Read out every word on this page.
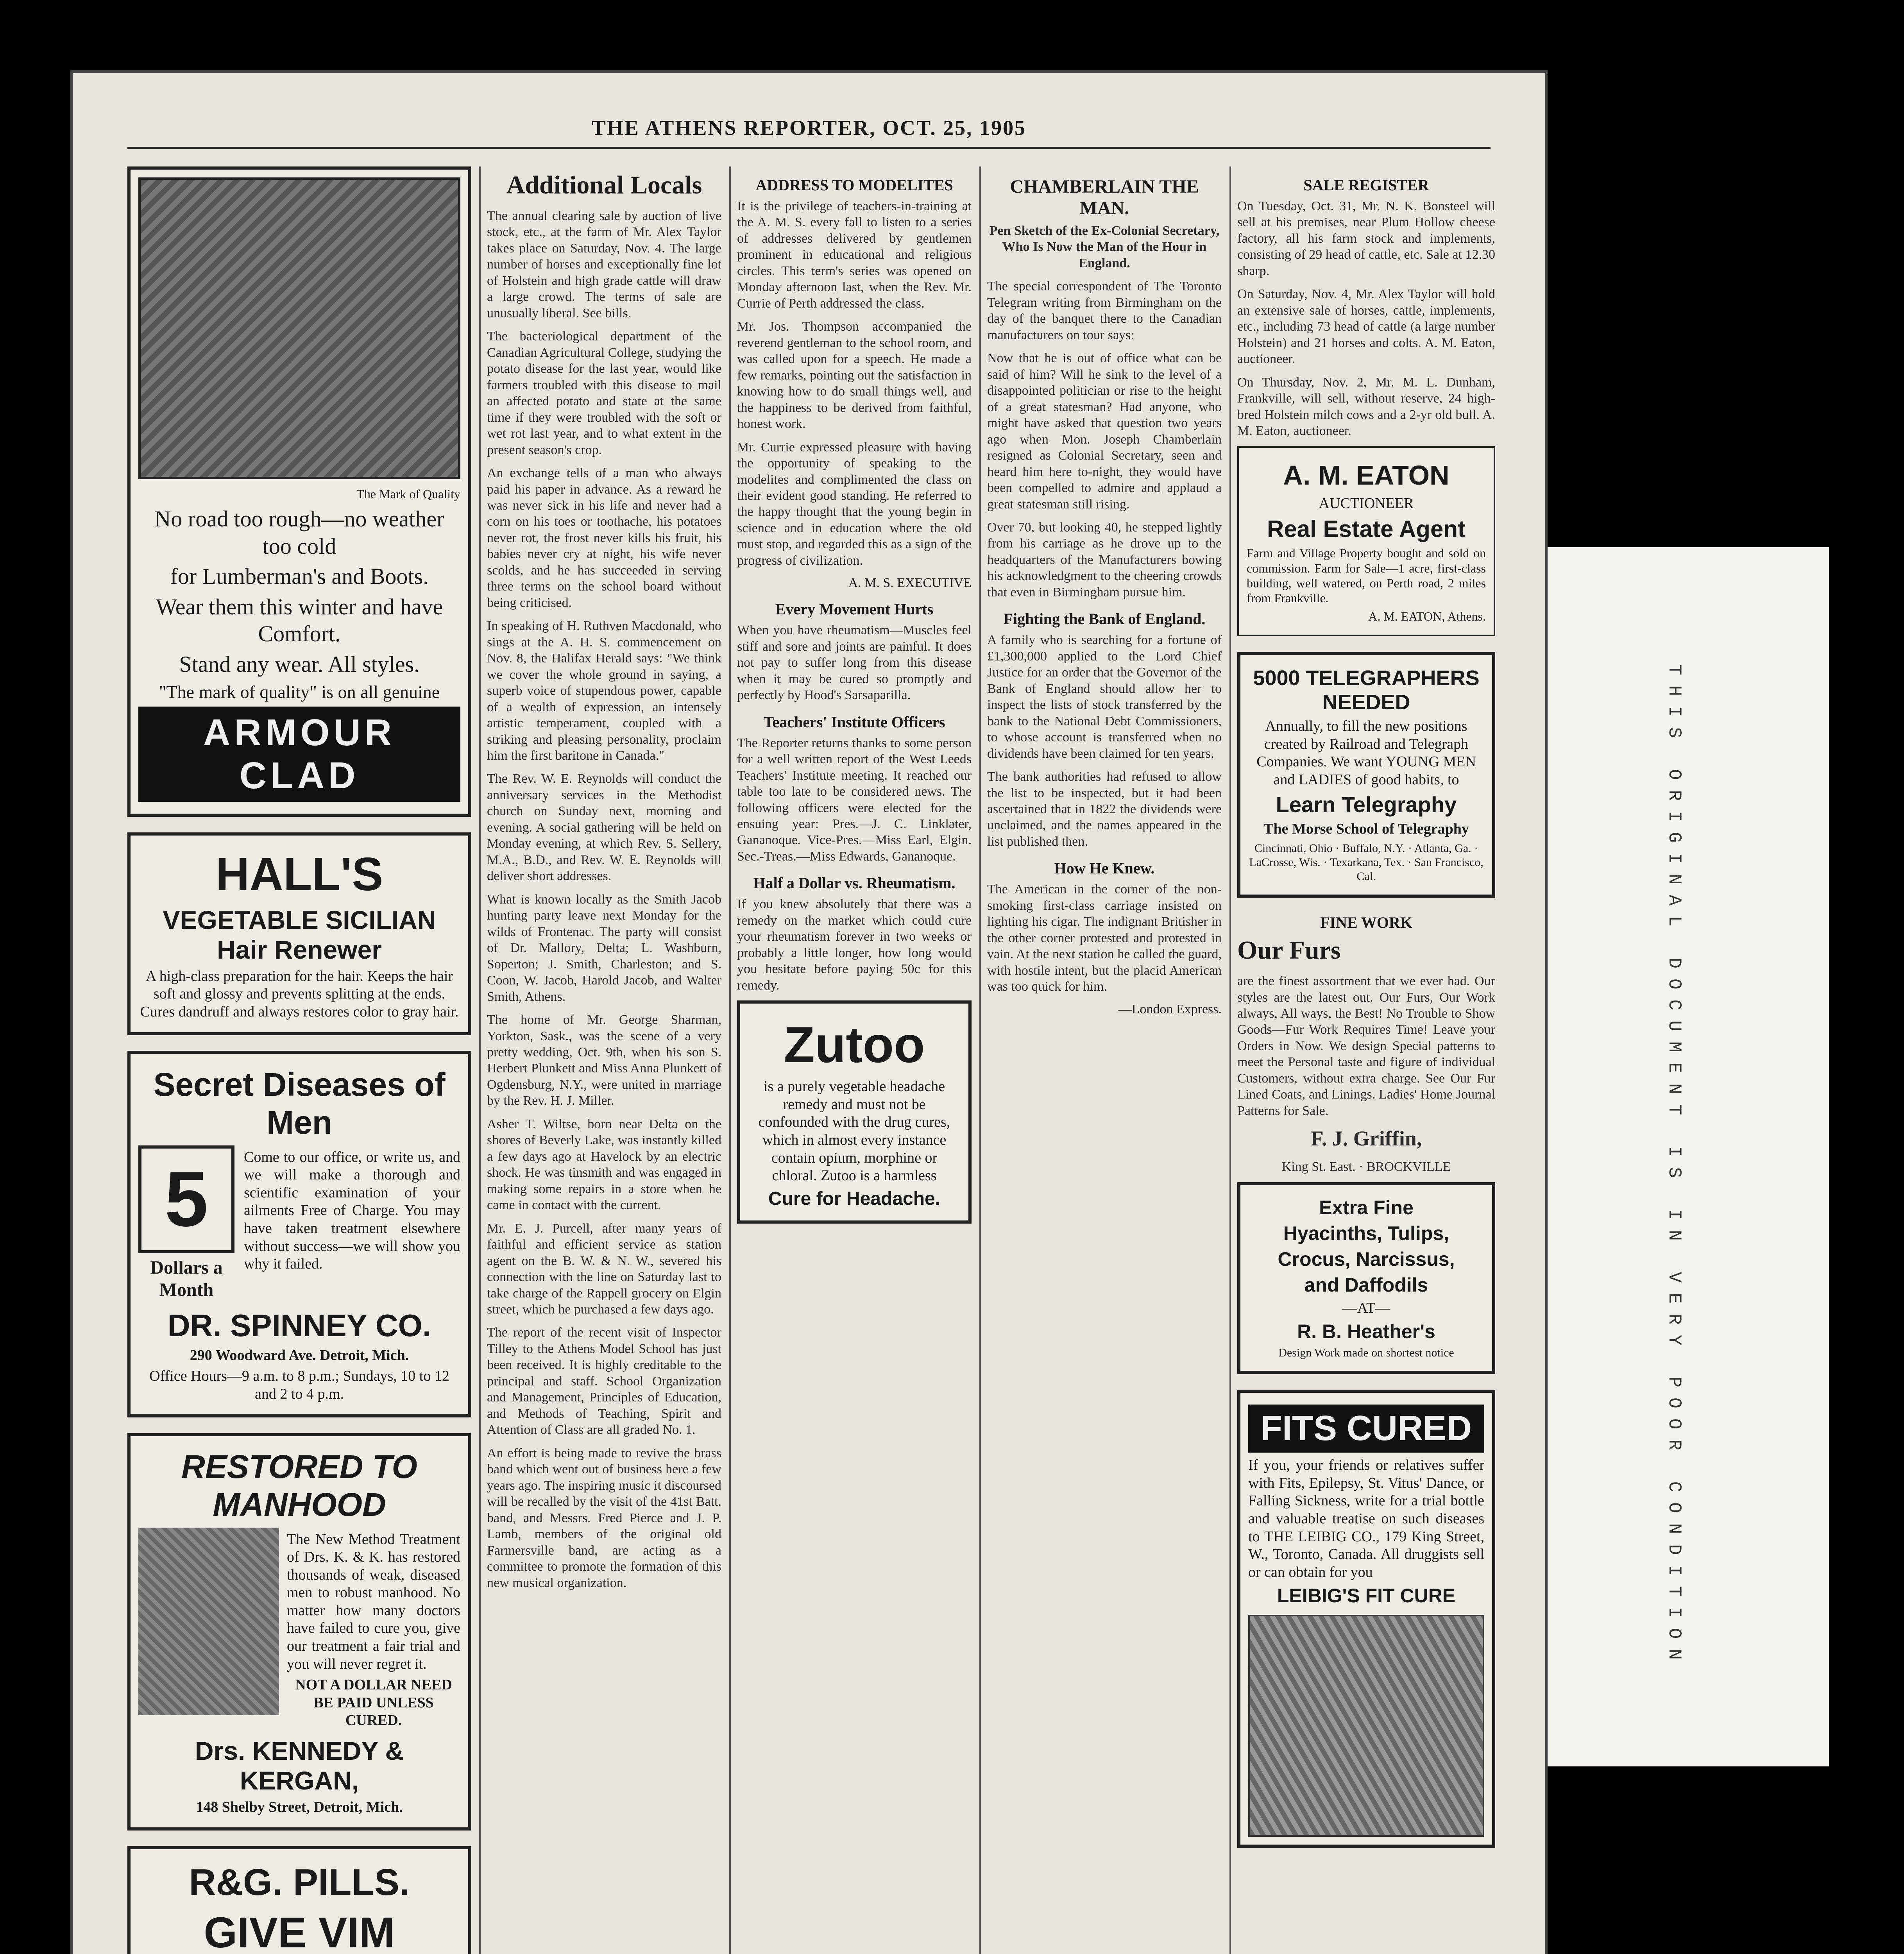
THE ATHENS REPORTER, OCT. 25, 1905
The Mark of Quality

No road too rough—no weather too cold

for Lumberman's and Boots.

Wear them this winter and have Comfort.

Stand any wear. All styles.

"The mark of quality" is on all genuine

ARMOUR CLAD
HALL'S
VEGETABLE SICILIAN Hair Renewer

A high-class preparation for the hair. Keeps the hair soft and glossy and prevents splitting at the ends. Cures dandruff and always restores color to gray hair.

Secret Diseases of Men
5

Dollars a Month

Come to our office, or write us, and we will make a thorough and scientific examination of your ailments Free of Charge. You may have taken treatment elsewhere without success—we will show you why it failed.

DR. SPINNEY CO.

290 Woodward Ave. Detroit, Mich.

Office Hours—9 a.m. to 8 p.m.; Sundays, 10 to 12 and 2 to 4 p.m.

RESTORED TO MANHOOD

The New Method Treatment of Drs. K. & K. has restored thousands of weak, diseased men to robust manhood. No matter how many doctors have failed to cure you, give our treatment a fair trial and you will never regret it.

NOT A DOLLAR NEED BE PAID UNLESS CURED.

Drs. KENNEDY & KERGAN,

148 Shelby Street, Detroit, Mich.

R&G. PILLS.
GIVE VIM

Additional Locals

The annual clearing sale by auction of live stock, etc., at the farm of Mr. Alex Taylor takes place on Saturday, Nov. 4. The large number of horses and exceptionally fine lot of Holstein and high grade cattle will draw a large crowd. The terms of sale are unusually liberal. See bills.

The bacteriological department of the Canadian Agricultural College, studying the potato disease for the last year, would like farmers troubled with this disease to mail an affected potato and state at the same time if they were troubled with the soft or wet rot last year, and to what extent in the present season's crop.

An exchange tells of a man who always paid his paper in advance. As a reward he was never sick in his life and never had a corn on his toes or toothache, his potatoes never rot, the frost never kills his fruit, his babies never cry at night, his wife never scolds, and he has succeeded in serving three terms on the school board without being criticised.

In speaking of H. Ruthven Macdonald, who sings at the A. H. S. commencement on Nov. 8, the Halifax Herald says: "We think we cover the whole ground in saying, a superb voice of stupendous power, capable of a wealth of expression, an intensely artistic temperament, coupled with a striking and pleasing personality, proclaim him the first baritone in Canada."

The Rev. W. E. Reynolds will conduct the anniversary services in the Methodist church on Sunday next, morning and evening. A social gathering will be held on Monday evening, at which Rev. S. Sellery, M.A., B.D., and Rev. W. E. Reynolds will deliver short addresses.

What is known locally as the Smith Jacob hunting party leave next Monday for the wilds of Frontenac. The party will consist of Dr. Mallory, Delta; L. Washburn, Soperton; J. Smith, Charleston; and S. Coon, W. Jacob, Harold Jacob, and Walter Smith, Athens.

The home of Mr. George Sharman, Yorkton, Sask., was the scene of a very pretty wedding, Oct. 9th, when his son S. Herbert Plunkett and Miss Anna Plunkett of Ogdensburg, N.Y., were united in marriage by the Rev. H. J. Miller.

Asher T. Wiltse, born near Delta on the shores of Beverly Lake, was instantly killed a few days ago at Havelock by an electric shock. He was tinsmith and was engaged in making some repairs in a store when he came in contact with the current.

Mr. E. J. Purcell, after many years of faithful and efficient service as station agent on the B. W. & N. W., severed his connection with the line on Saturday last to take charge of the Rappell grocery on Elgin street, which he purchased a few days ago.

The report of the recent visit of Inspector Tilley to the Athens Model School has just been received. It is highly creditable to the principal and staff. School Organization and Management, Principles of Education, and Methods of Teaching, Spirit and Attention of Class are all graded No. 1.

An effort is being made to revive the brass band which went out of business here a few years ago. The inspiring music it discoursed will be recalled by the visit of the 41st Batt. band, and Messrs. Fred Pierce and J. P. Lamb, members of the original old Farmersville band, are acting as a committee to promote the formation of this new musical organization.

ADDRESS TO MODELITES

It is the privilege of teachers-in-training at the A. M. S. every fall to listen to a series of addresses delivered by gentlemen prominent in educational and religious circles. This term's series was opened on Monday afternoon last, when the Rev. Mr. Currie of Perth addressed the class.

Mr. Jos. Thompson accompanied the reverend gentleman to the school room, and was called upon for a speech. He made a few remarks, pointing out the satisfaction in knowing how to do small things well, and the happiness to be derived from faithful, honest work.

Mr. Currie expressed pleasure with having the opportunity of speaking to the modelites and complimented the class on their evident good standing. He referred to the happy thought that the young begin in science and in education where the old must stop, and regarded this as a sign of the progress of civilization.

A. M. S. EXECUTIVE

Every Movement Hurts

When you have rheumatism—Muscles feel stiff and sore and joints are painful. It does not pay to suffer long from this disease when it may be cured so promptly and perfectly by Hood's Sarsaparilla.

Teachers' Institute Officers

The Reporter returns thanks to some person for a well written report of the West Leeds Teachers' Institute meeting. It reached our table too late to be considered news. The following officers were elected for the ensuing year: Pres.—J. C. Linklater, Gananoque. Vice-Pres.—Miss Earl, Elgin. Sec.-Treas.—Miss Edwards, Gananoque.

Half a Dollar vs. Rheumatism.

If you knew absolutely that there was a remedy on the market which could cure your rheumatism forever in two weeks or probably a little longer, how long would you hesitate before paying 50c for this remedy.

Zutoo

is a purely vegetable headache remedy and must not be confounded with the drug cures, which in almost every instance contain opium, morphine or chloral. Zutoo is a harmless

Cure for Headache.
CHAMBERLAIN THE MAN.

Pen Sketch of the Ex-Colonial Secretary, Who Is Now the Man of the Hour in England.

The special correspondent of The Toronto Telegram writing from Birmingham on the day of the banquet there to the Canadian manufacturers on tour says:

Now that he is out of office what can be said of him? Will he sink to the level of a disappointed politician or rise to the height of a great statesman? Had anyone, who might have asked that question two years ago when Mon. Joseph Chamberlain resigned as Colonial Secretary, seen and heard him here to-night, they would have been compelled to admire and applaud a great statesman still rising.

Over 70, but looking 40, he stepped lightly from his carriage as he drove up to the headquarters of the Manufacturers bowing his acknowledgment to the cheering crowds that even in Birmingham pursue him.

Fighting the Bank of England.

A family who is searching for a fortune of £1,300,000 applied to the Lord Chief Justice for an order that the Governor of the Bank of England should allow her to inspect the lists of stock transferred by the bank to the National Debt Commissioners, to whose account is transferred when no dividends have been claimed for ten years.

The bank authorities had refused to allow the list to be inspected, but it had been ascertained that in 1822 the dividends were unclaimed, and the names appeared in the list published then.

How He Knew.

The American in the corner of the non-smoking first-class carriage insisted on lighting his cigar. The indignant Britisher in the other corner protested and protested in vain. At the next station he called the guard, with hostile intent, but the placid American was too quick for him.

—London Express.

SALE REGISTER

On Tuesday, Oct. 31, Mr. N. K. Bonsteel will sell at his premises, near Plum Hollow cheese factory, all his farm stock and implements, consisting of 29 head of cattle, etc. Sale at 12.30 sharp.

On Saturday, Nov. 4, Mr. Alex Taylor will hold an extensive sale of horses, cattle, implements, etc., including 73 head of cattle (a large number Holstein) and 21 horses and colts. A. M. Eaton, auctioneer.

On Thursday, Nov. 2, Mr. M. L. Dunham, Frankville, will sell, without reserve, 24 high-bred Holstein milch cows and a 2-yr old bull. A. M. Eaton, auctioneer.

A. M. EATON

AUCTIONEER

Real Estate Agent

Farm and Village Property bought and sold on commission. Farm for Sale—1 acre, first-class building, well watered, on Perth road, 2 miles from Frankville.

A. M. EATON, Athens.

5000 TELEGRAPHERS NEEDED

Annually, to fill the new positions created by Railroad and Telegraph Companies. We want YOUNG MEN and LADIES of good habits, to

Learn Telegraphy

The Morse School of Telegraphy

Cincinnati, Ohio · Buffalo, N.Y. · Atlanta, Ga. · LaCrosse, Wis. · Texarkana, Tex. · San Francisco, Cal.

FINE WORK
Our Furs

are the finest assortment that we ever had. Our styles are the latest out. Our Furs, Our Work always, All ways, the Best! No Trouble to Show Goods—Fur Work Requires Time! Leave your Orders in Now. We design Special patterns to meet the Personal taste and figure of individual Customers, without extra charge. See Our Fur Lined Coats, and Linings. Ladies' Home Journal Patterns for Sale.

F. J. Griffin,

King St. East. · BROCKVILLE

Extra Fine
Hyacinths, Tulips,
Crocus, Narcissus,
and Daffodils

—AT—

R. B. Heather's

Design Work made on shortest notice

FITS CURED

If you, your friends or relatives suffer with Fits, Epilepsy, St. Vitus' Dance, or Falling Sickness, write for a trial bottle and valuable treatise on such diseases to THE LEIBIG CO., 179 King Street, W., Toronto, Canada. All druggists sell or can obtain for you

LEIBIG'S FIT CURE	THIS ORIGINAL DOCUMENT IS IN VERY POOR CONDITION
